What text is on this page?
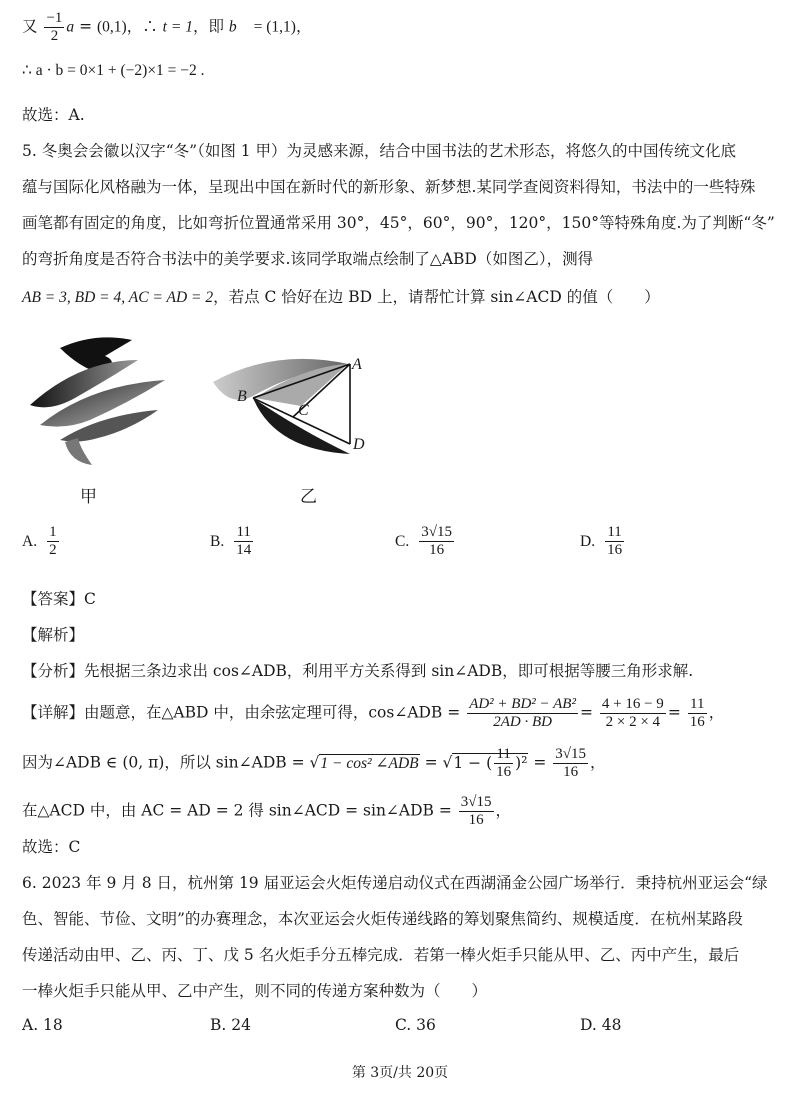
又 $\frac{-1}{2}$ a = (0,1)，∴ t = 1，即 b⃗ = (1,1)，
∴ a · b = 0×1 + (−2)×1 = −2 .
故选：A.
5. 冬奥会会徽以汉字“冬”（如图 1 甲）为灵感来源，结合中国书法的艺术形态，将悠久的中国传统文化底
蕴与国际化风格融为一体，呈现出中国在新时代的新形象、新梦想.某同学查阅资料得知，书法中的一些特殊
画笔都有固定的角度，比如弯折位置通常采用 30°，45°，60°，90°，120°，150°等特殊角度.为了判断“冬”
的弯折角度是否符合书法中的美学要求.该同学取端点绘制了△ABD（如图乙），测得
AB = 3, BD = 4, AC = AD = 2，若点 C 恰好在边 BD 上，请帮忙计算 sin∠ACD 的值（　　）
甲
A
B
C
D
乙
A. $\frac{1}{2}$	B. $\frac{11}{14}$	C. $\frac{3√15}{16}$	D. $\frac{11}{16}$
【答案】C
【解析】
【分析】先根据三条边求出 cos∠ADB，利用平方关系得到 sin∠ADB，即可根据等腰三角形求解.
【详解】由题意，在△ABD 中，由余弦定理可得，cos∠ADB = $\frac{\text{AD² + BD² − AB²}}{2AD \cdot BD} = \frac{4 + 16 - 9}{2 \times 2 \times 4} = \frac{11}{16}$ ，
因为∠ADB ∈ (0, π)，所以 sin∠ADB = √1 − cos² ∠ADB = √1 − ( $\frac{11}{16} )^2 = \frac{3√15}{16}$ ，
在△ACD 中，由 AC = AD = 2 得 sin∠ACD = sin∠ADB = $\frac{3√15}{16}$ ，
故选：C
6. 2023 年 9 月 8 日，杭州第 19 届亚运会火炬传递启动仪式在西湖涌金公园广场举行．秉持杭州亚运会“绿
色、智能、节俭、文明”的办赛理念，本次亚运会火炬传递线路的筹划聚焦简约、规模适度．在杭州某路段
传递活动由甲、乙、丙、丁、戊 5 名火炬手分五棒完成．若第一棒火炬手只能从甲、乙、丙中产生，最后
一棒火炬手只能从甲、乙中产生，则不同的传递方案种数为（　　）
A. 18	B. 24	C. 36	D. 48
第 3页/共 20页
